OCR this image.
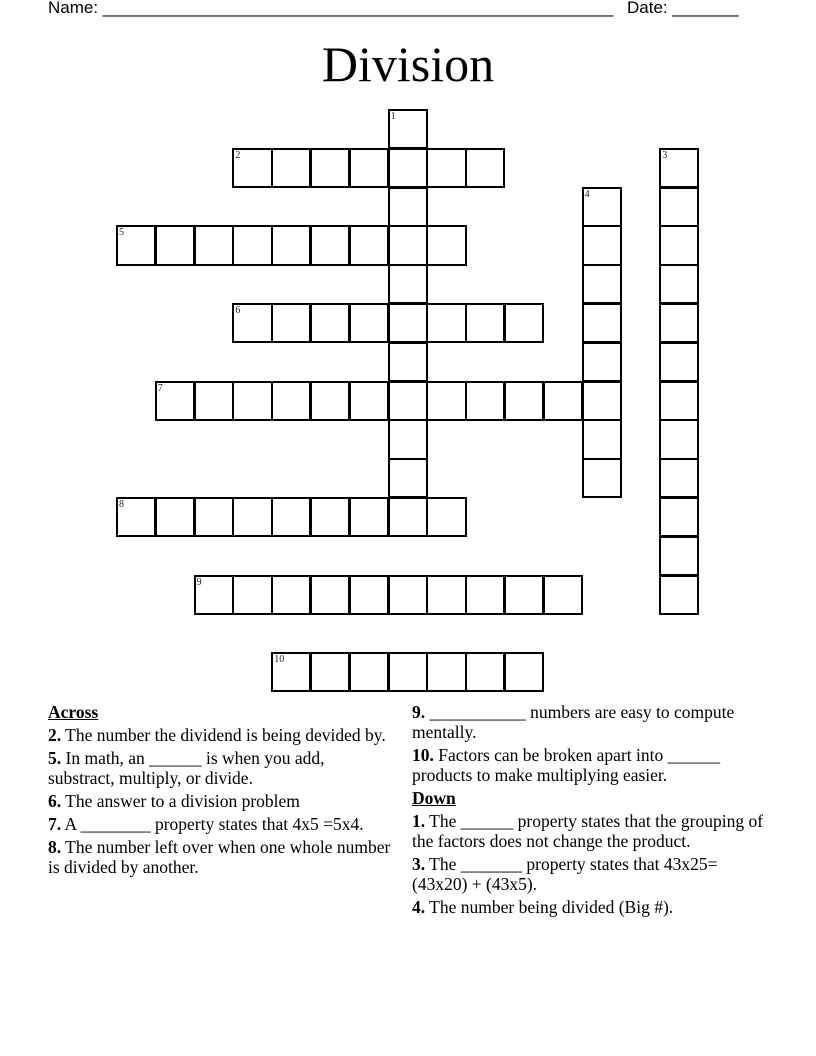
Name: ______________________________________________________ Date: _______
Division
1
2	3
4
5
6
7
8
9
10
Across
2. The number the dividend is being devided by.
5. In math, an ______ is when you add, substract, multiply, or divide.
6. The answer to a division problem
7. A ________ property states that 4x5 =5x4.
8. The number left over when one whole number is divided by another.
9. ___________ numbers are easy to compute mentally.
10. Factors can be broken apart into ______ products to make multiplying easier.
Down
1. The ______ property states that the grouping of the factors does not change the product.
3. The _______ property states that 43x25=(43x20) + (43x5).
4. The number being divided (Big #).
